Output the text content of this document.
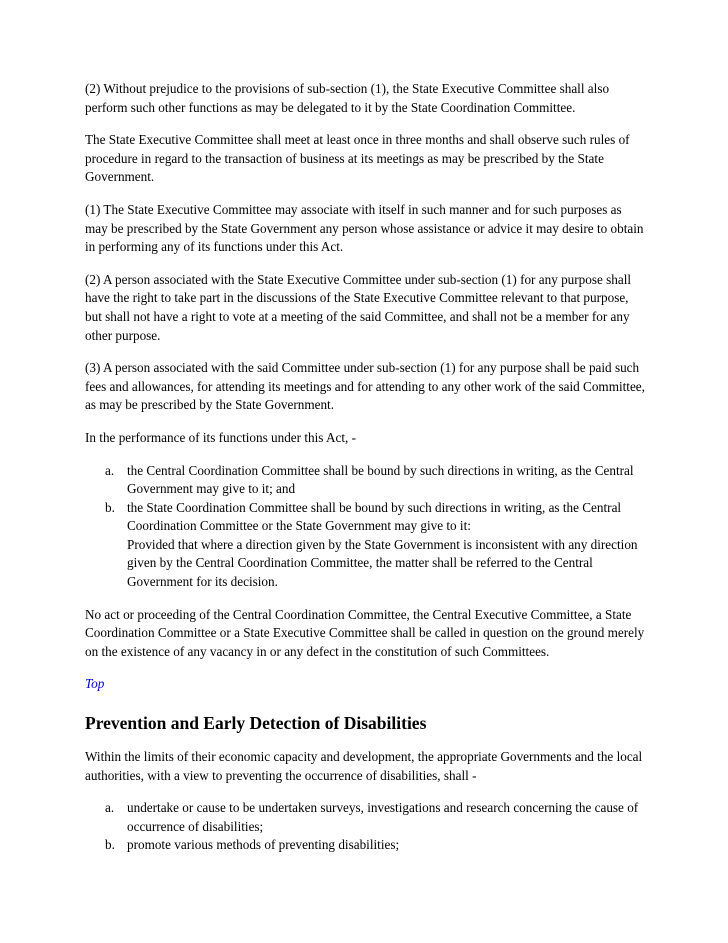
(2) Without prejudice to the provisions of sub-section (1), the State Executive Committee shall also perform such other functions as may be delegated to it by the State Coordination Committee.

The State Executive Committee shall meet at least once in three months and shall observe such rules of procedure in regard to the transaction of business at its meetings as may be prescribed by the State Government.

(1) The State Executive Committee may associate with itself in such manner and for such purposes as may be prescribed by the State Government any person whose assistance or advice it may desire to obtain in performing any of its functions under this Act.

(2) A person associated with the State Executive Committee under sub-section (1) for any purpose shall have the right to take part in the discussions of the State Executive Committee relevant to that purpose, but shall not have a right to vote at a meeting of the said Committee, and shall not be a member for any other purpose.

(3) A person associated with the said Committee under sub-section (1) for any purpose shall be paid such fees and allowances, for attending its meetings and for attending to any other work of the said Committee, as may be prescribed by the State Government.

In the performance of its functions under this Act, -

a. the Central Coordination Committee shall be bound by such directions in writing, as the Central Government may give to it; and
b. the State Coordination Committee shall be bound by such directions in writing, as the Central Coordination Committee or the State Government may give to it:
Provided that where a direction given by the State Government is inconsistent with any direction given by the Central Coordination Committee, the matter shall be referred to the Central Government for its decision.

No act or proceeding of the Central Coordination Committee, the Central Executive Committee, a State Coordination Committee or a State Executive Committee shall be called in question on the ground merely on the existence of any vacancy in or any defect in the constitution of such Committees.

Top
Prevention and Early Detection of Disabilities

Within the limits of their economic capacity and development, the appropriate Governments and the local authorities, with a view to preventing the occurrence of disabilities, shall -

a. undertake or cause to be undertaken surveys, investigations and research concerning the cause of occurrence of disabilities;
b. promote various methods of preventing disabilities;
